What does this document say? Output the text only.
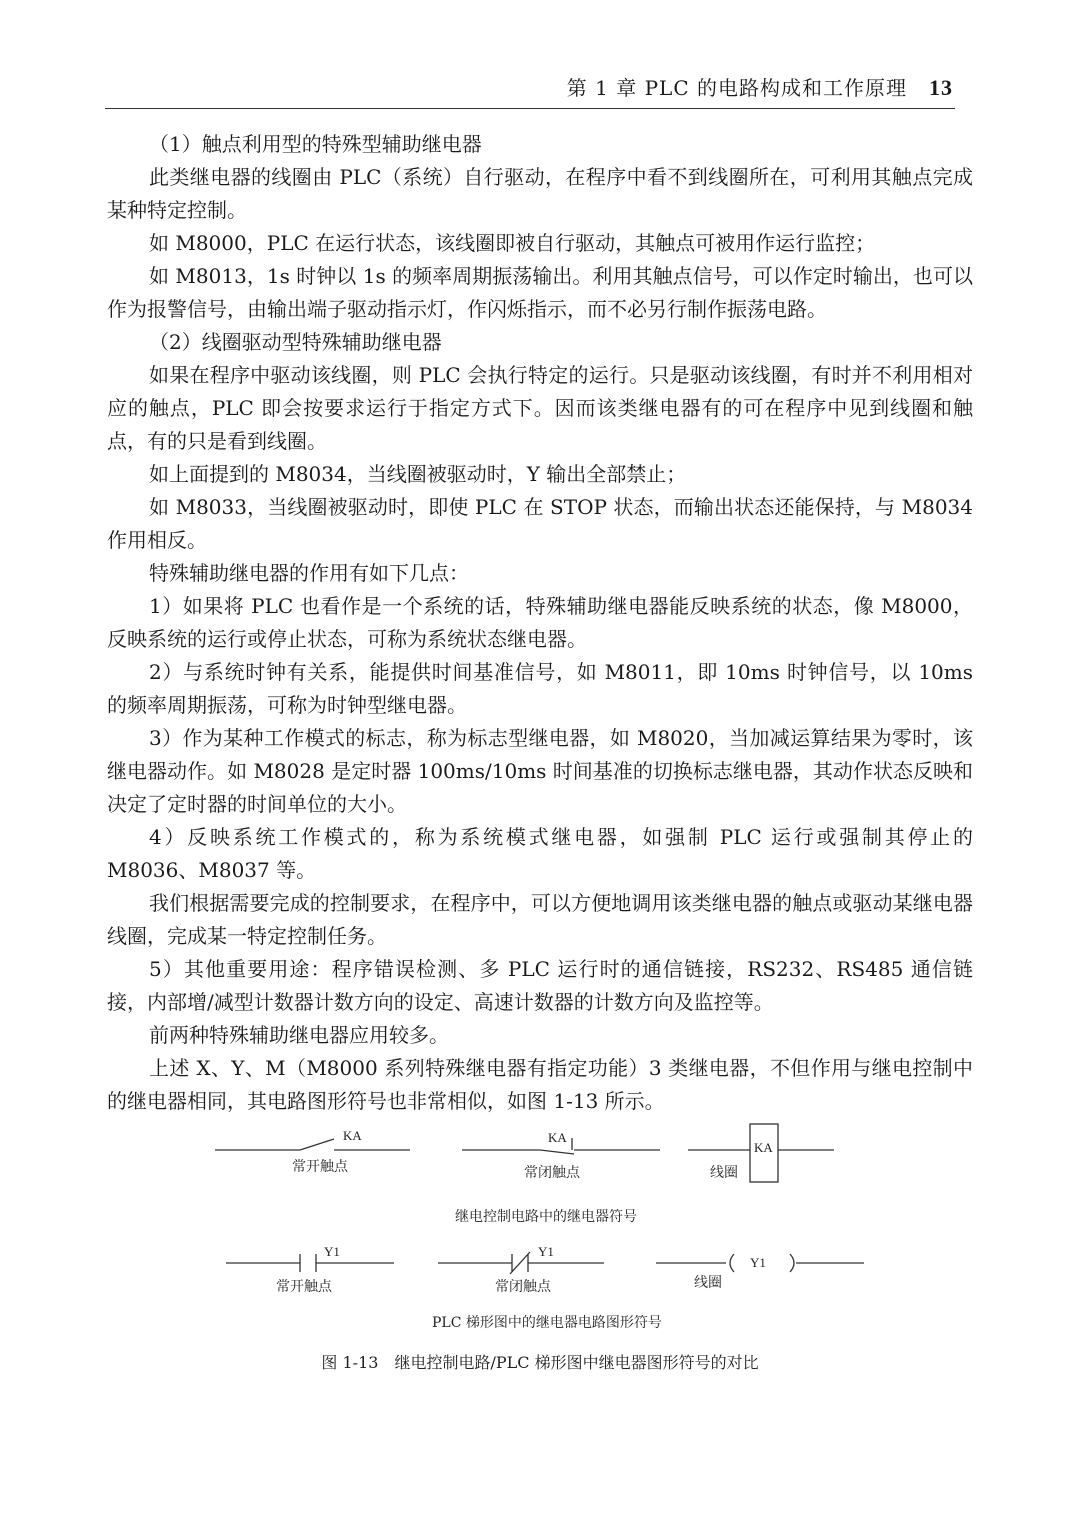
第 1 章 PLC 的电路构成和工作原理 13

（1）触点利用型的特殊型辅助继电器

此类继电器的线圈由 PLC（系统）自行驱动，在程序中看不到线圈所在，可利用其触点完成某种特定控制。

如 M8000，PLC 在运行状态，该线圈即被自行驱动，其触点可被用作运行监控；

如 M8013，1s 时钟以 1s 的频率周期振荡输出。利用其触点信号，可以作定时输出，也可以作为报警信号，由输出端子驱动指示灯，作闪烁指示，而不必另行制作振荡电路。

（2）线圈驱动型特殊辅助继电器

如果在程序中驱动该线圈，则 PLC 会执行特定的运行。只是驱动该线圈，有时并不利用相对应的触点，PLC 即会按要求运行于指定方式下。因而该类继电器有的可在程序中见到线圈和触点，有的只是看到线圈。

如上面提到的 M8034，当线圈被驱动时，Y 输出全部禁止；

如 M8033，当线圈被驱动时，即使 PLC 在 STOP 状态，而输出状态还能保持，与 M8034 作用相反。

特殊辅助继电器的作用有如下几点：

1）如果将 PLC 也看作是一个系统的话，特殊辅助继电器能反映系统的状态，像 M8000，反映系统的运行或停止状态，可称为系统状态继电器。

2）与系统时钟有关系，能提供时间基准信号，如 M8011，即 10ms 时钟信号，以 10ms 的频率周期振荡，可称为时钟型继电器。

3）作为某种工作模式的标志，称为标志型继电器，如 M8020，当加减运算结果为零时，该继电器动作。如 M8028 是定时器 100ms/10ms 时间基准的切换标志继电器，其动作状态反映和决定了定时器的时间单位的大小。

4）反映系统工作模式的，称为系统模式继电器，如强制 PLC 运行或强制其停止的 M8036、M8037 等。

我们根据需要完成的控制要求，在程序中，可以方便地调用该类继电器的触点或驱动某继电器线圈，完成某一特定控制任务。

5）其他重要用途：程序错误检测、多 PLC 运行时的通信链接，RS232、RS485 通信链接，内部增/减型计数器计数方向的设定、高速计数器的计数方向及监控等。

前两种特殊辅助继电器应用较多。

上述 X、Y、M（M8000 系列特殊继电器有指定功能）3 类继电器，不但作用与继电控制中的继电器相同，其电路图形符号也非常相似，如图 1-13 所示。

KA
常开触点
KA
常闭触点
KA
线圈
继电控制电路中的继电器符号
Y1
常开触点
Y1
常闭触点
Y1
线圈
PLC 梯形图中的继电器电路图形符号
图 1-13 继电控制电路/PLC 梯形图中继电器图形符号的对比
